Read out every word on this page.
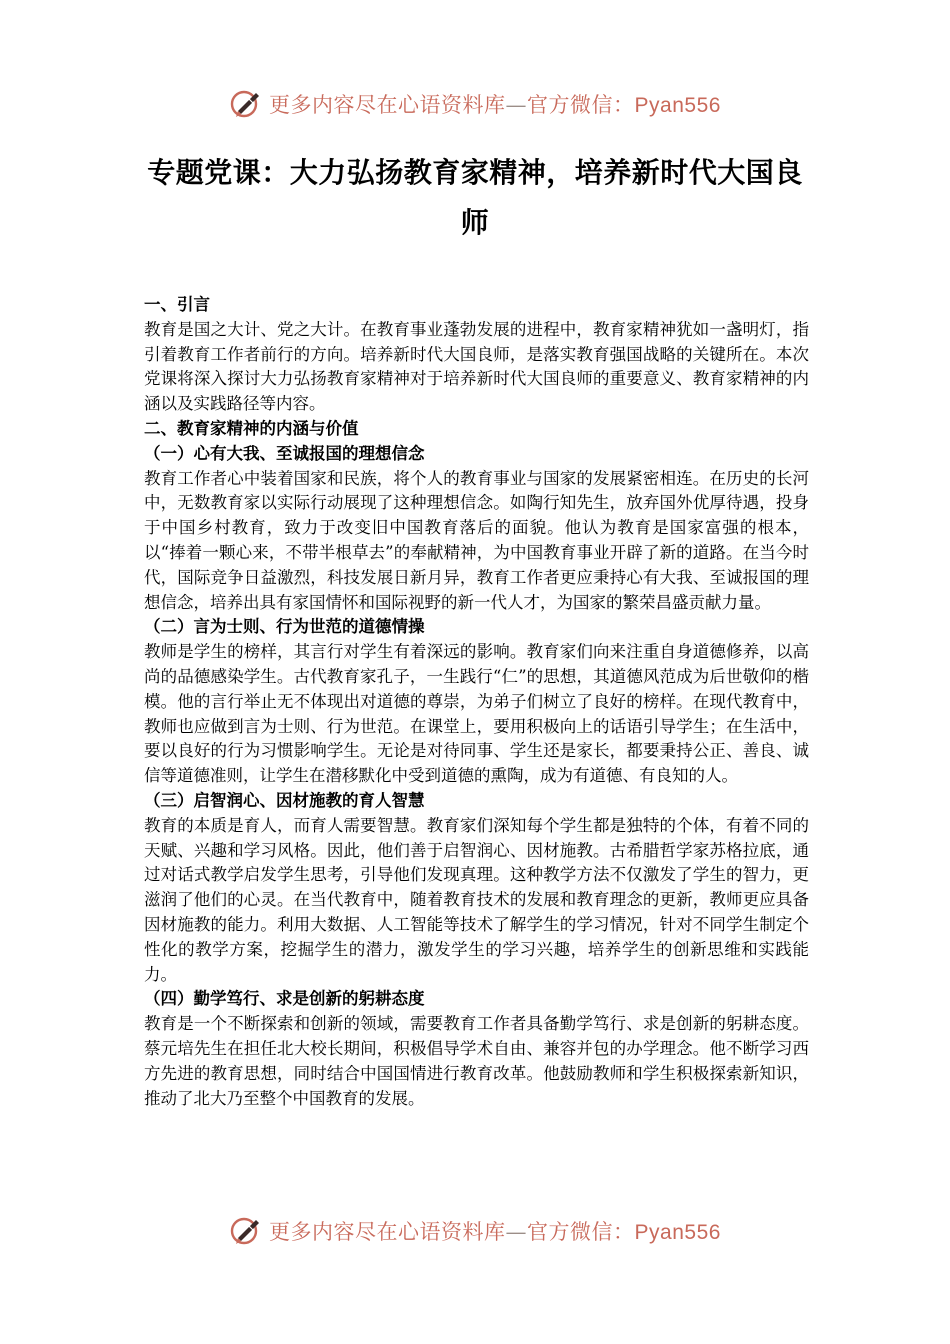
更多内容尽在心语资料库—官方微信：Pyan556
专题党课：大力弘扬教育家精神，培养新时代大国良师
一、引言

教育是国之大计、党之大计。在教育事业蓬勃发展的进程中，教育家精神犹如一盏明灯，指引着教育工作者前行的方向。培养新时代大国良师，是落实教育强国战略的关键所在。本次党课将深入探讨大力弘扬教育家精神对于培养新时代大国良师的重要意义、教育家精神的内涵以及实践路径等内容。

二、教育家精神的内涵与价值
（一）心有大我、至诚报国的理想信念

教育工作者心中装着国家和民族，将个人的教育事业与国家的发展紧密相连。在历史的长河中，无数教育家以实际行动展现了这种理想信念。如陶行知先生，放弃国外优厚待遇，投身于中国乡村教育，致力于改变旧中国教育落后的面貌。他认为教育是国家富强的根本，以“捧着一颗心来，不带半根草去”的奉献精神，为中国教育事业开辟了新的道路。在当今时代，国际竞争日益激烈，科技发展日新月异，教育工作者更应秉持心有大我、至诚报国的理想信念，培养出具有家国情怀和国际视野的新一代人才，为国家的繁荣昌盛贡献力量。

（二）言为士则、行为世范的道德情操

教师是学生的榜样，其言行对学生有着深远的影响。教育家们向来注重自身道德修养，以高尚的品德感染学生。古代教育家孔子，一生践行“仁”的思想，其道德风范成为后世敬仰的楷模。他的言行举止无不体现出对道德的尊崇，为弟子们树立了良好的榜样。在现代教育中，教师也应做到言为士则、行为世范。在课堂上，要用积极向上的话语引导学生；在生活中，要以良好的行为习惯影响学生。无论是对待同事、学生还是家长，都要秉持公正、善良、诚信等道德准则，让学生在潜移默化中受到道德的熏陶，成为有道德、有良知的人。

（三）启智润心、因材施教的育人智慧

教育的本质是育人，而育人需要智慧。教育家们深知每个学生都是独特的个体，有着不同的天赋、兴趣和学习风格。因此，他们善于启智润心、因材施教。古希腊哲学家苏格拉底，通过对话式教学启发学生思考，引导他们发现真理。这种教学方法不仅激发了学生的智力，更滋润了他们的心灵。在当代教育中，随着教育技术的发展和教育理念的更新，教师更应具备因材施教的能力。利用大数据、人工智能等技术了解学生的学习情况，针对不同学生制定个性化的教学方案，挖掘学生的潜力，激发学生的学习兴趣，培养学生的创新思维和实践能力。

（四）勤学笃行、求是创新的躬耕态度

教育是一个不断探索和创新的领域，需要教育工作者具备勤学笃行、求是创新的躬耕态度。蔡元培先生在担任北大校长期间，积极倡导学术自由、兼容并包的办学理念。他不断学习西方先进的教育思想，同时结合中国国情进行教育改革。他鼓励教师和学生积极探索新知识，推动了北大乃至整个中国教育的发展。

更多内容尽在心语资料库—官方微信：Pyan556
